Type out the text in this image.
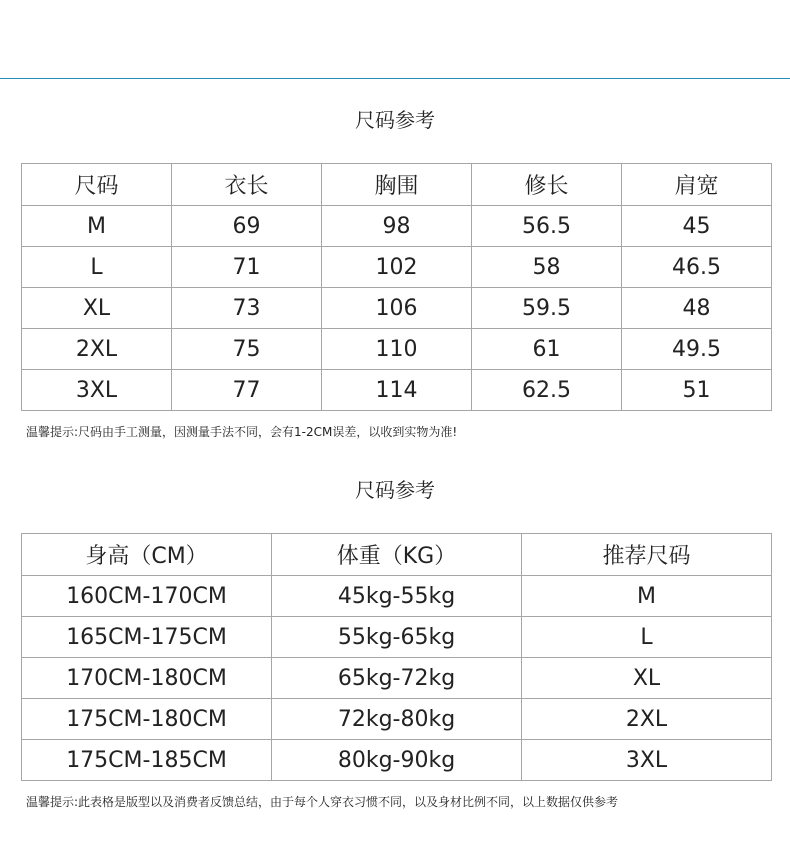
尺码参考
尺码	衣长	胸围	修长	肩宽
M	69	98	56.5	45
L	71	102	58	46.5
XL	73	106	59.5	48
2XL	75	110	61	49.5
3XL	77	114	62.5	51
温馨提示:尺码由手工测量，因测量手法不同，会有1-2CM误差，以收到实物为准!
尺码参考
身高（CM）	体重（KG）	推荐尺码
160CM-170CM	45kg-55kg	M
165CM-175CM	55kg-65kg	L
170CM-180CM	65kg-72kg	XL
175CM-180CM	72kg-80kg	2XL
175CM-185CM	80kg-90kg	3XL
温馨提示:此表格是版型以及消费者反馈总结，由于每个人穿衣习惯不同，以及身材比例不同，以上数据仅供参考
